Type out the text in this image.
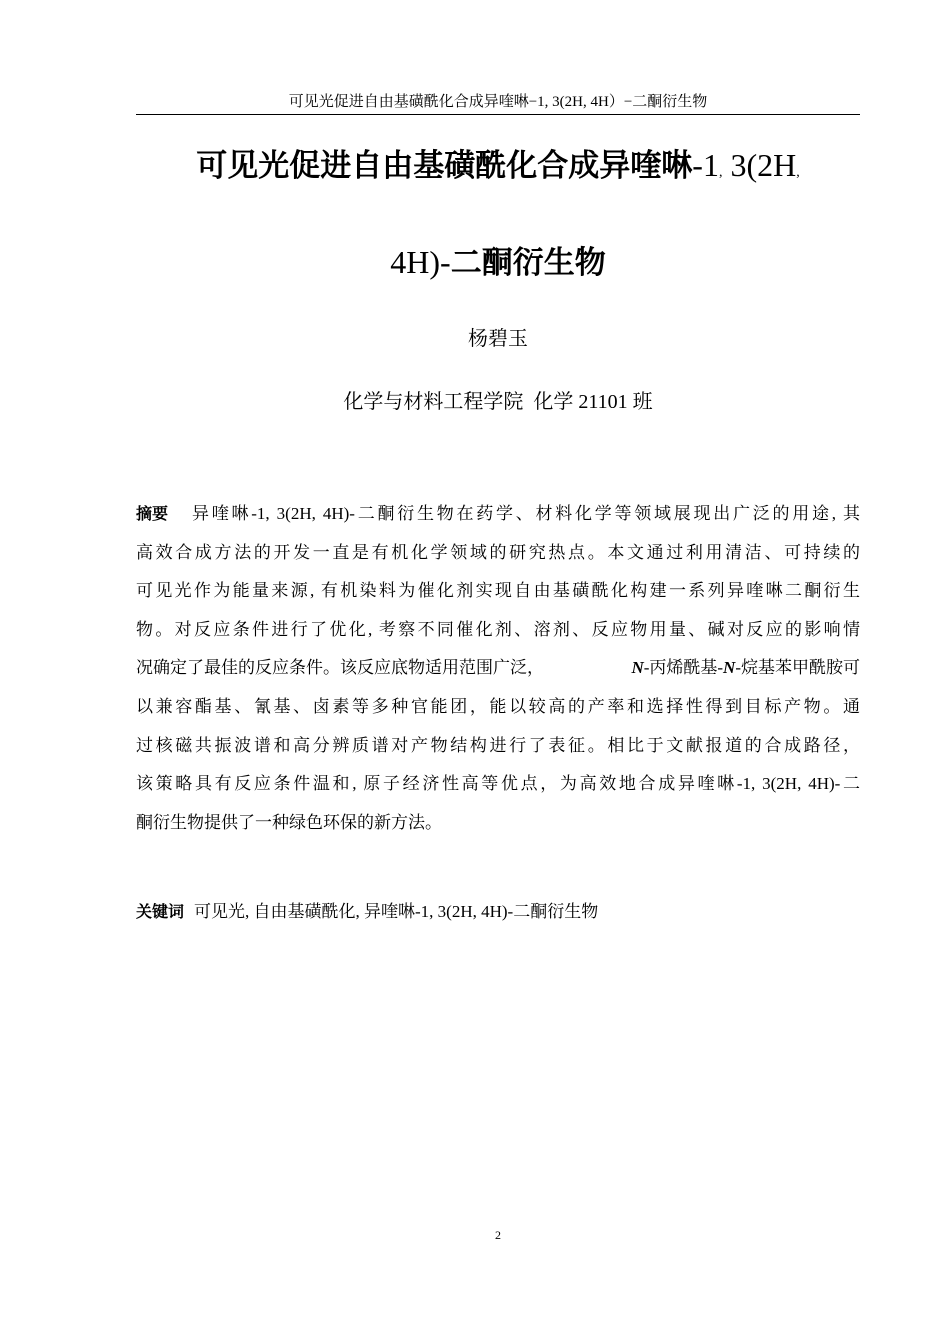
可见光促进自由基磺酰化合成异喹啉−1, 3(2H, 4H）−二酮衍生物
可见光促进自由基磺酰化合成异喹啉-1, 3(2H,
4H)-二酮衍生物
杨碧玉
化学与材料工程学院  化学 21101 班
摘要 异喹啉-1, 3(2H, 4H)-二酮衍生物在药学、材料化学等领域展现出广泛的用途, 其
高效合成方法的开发一直是有机化学领域的研究热点。本文通过利用清洁、可持续的
可见光作为能量来源, 有机染料为催化剂实现自由基磺酰化构建一系列异喹啉二酮衍生
物。对反应条件进行了优化, 考察不同催化剂、溶剂、反应物用量、碱对反应的影响情
况确定了最佳的反应条件。该反应底物适用范围广泛，	N-丙烯酰基-N-烷基苯甲酰胺可
以兼容酯基、氰基、卤素等多种官能团，能以较高的产率和选择性得到目标产物。通
过核磁共振波谱和高分辨质谱对产物结构进行了表征。相比于文献报道的合成路径，
该策略具有反应条件温和, 原子经济性高等优点，为高效地合成异喹啉-1, 3(2H, 4H)-二
酮衍生物提供了一种绿色环保的新方法。
关键词 可见光, 自由基磺酰化, 异喹啉-1, 3(2H, 4H)-二酮衍生物
2
